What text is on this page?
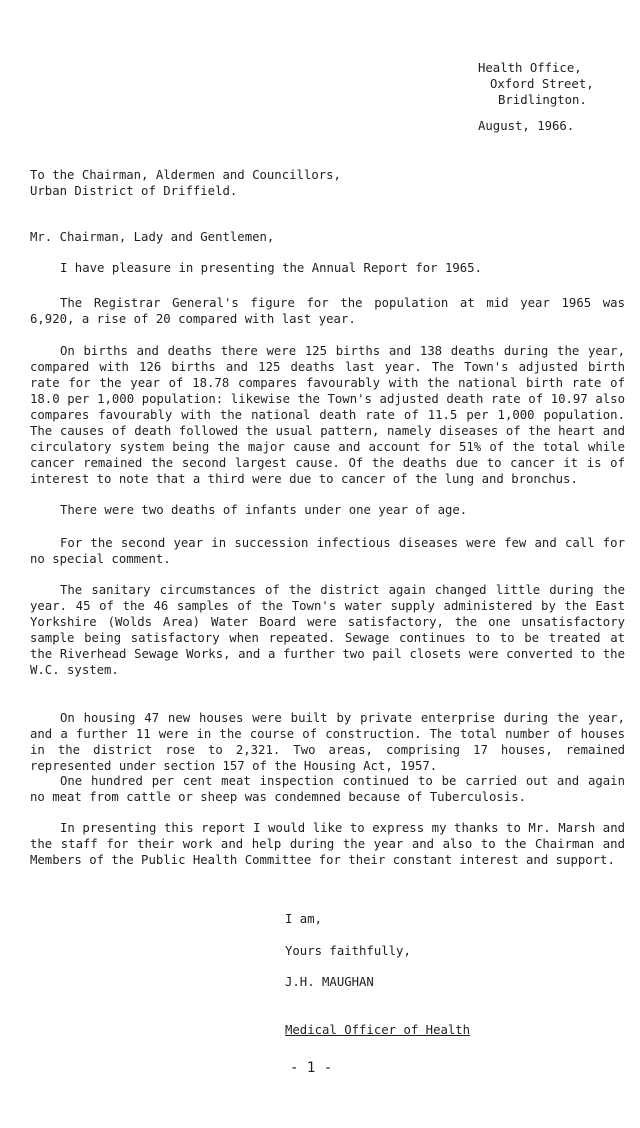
Health Office,
Oxford Street,
Bridlington.
August, 1966.
To the Chairman, Aldermen and Councillors,
Urban District of Driffield.
Mr. Chairman, Lady and Gentlemen,
I have pleasure in presenting the Annual Report for 1965.
The Registrar General's figure for the population at mid year 1965 was 6,920, a rise of 20 compared with last year.
On births and deaths there were 125 births and 138 deaths during the year, compared with 126 births and 125 deaths last year. The Town's adjusted birth rate for the year of 18.78 compares favourably with the national birth rate of 18.0 per 1,000 population: likewise the Town's adjusted death rate of 10.97 also compares favourably with the national death rate of 11.5 per 1,000 population. The causes of death followed the usual pattern, namely diseases of the heart and circulatory system being the major cause and account for 51% of the total while cancer remained the second largest cause. Of the deaths due to cancer it is of interest to note that a third were due to cancer of the lung and bronchus.
There were two deaths of infants under one year of age.
For the second year in succession infectious diseases were few and call for no special comment.
The sanitary circumstances of the district again changed little during the year. 45 of the 46 samples of the Town's water supply administered by the East Yorkshire (Wolds Area) Water Board were satisfactory, the one unsatisfactory sample being satisfactory when repeated. Sewage continues to to be treated at the Riverhead Sewage Works, and a further two pail closets were converted to the W.C. system.
On housing 47 new houses were built by private enterprise during the year, and a further 11 were in the course of construction. The total number of houses in the district rose to 2,321. Two areas, comprising 17 houses, remained represented under section 157 of the Housing Act, 1957.
One hundred per cent meat inspection continued to be carried out and again no meat from cattle or sheep was condemned because of Tuberculosis.
In presenting this report I would like to express my thanks to Mr. Marsh and the staff for their work and help during the year and also to the Chairman and Members of the Public Health Committee for their constant interest and support.
I am,
Yours faithfully,
J.H. MAUGHAN
Medical Officer of Health
- 1 -
